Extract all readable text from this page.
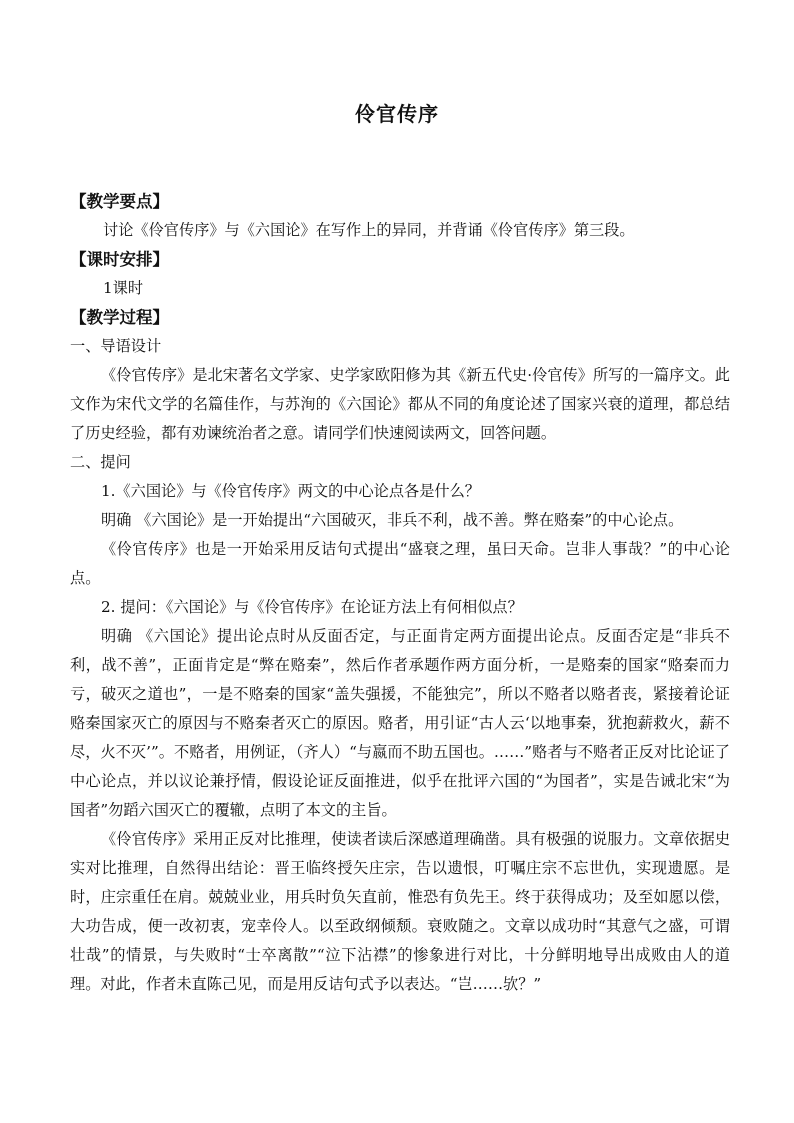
伶官传序

【教学要点】

讨论《伶官传序》与《六国论》在写作上的异同，并背诵《伶官传序》第三段。

【课时安排】

1课时

【教学过程】

一、导语设计

《伶官传序》是北宋著名文学家、史学家欧阳修为其《新五代史·伶官传》所写的一篇序文。此文作为宋代文学的名篇佳作，与苏洵的《六国论》都从不同的角度论述了国家兴衰的道理，都总结了历史经验，都有劝谏统治者之意。请同学们快速阅读两文，回答问题。

二、提问

1.《六国论》与《伶官传序》两文的中心论点各是什么？

明确 《六国论》是一开始提出“六国破灭，非兵不利，战不善。弊在赂秦”的中心论点。

《伶官传序》也是一开始采用反诘句式提出“盛衰之理，虽曰天命。岂非人事哉？”的中心论点。

2. 提问：《六国论》与《伶官传序》在论证方法上有何相似点？

明确 《六国论》提出论点时从反面否定，与正面肯定两方面提出论点。反面否定是“非兵不利，战不善”，正面肯定是“弊在赂秦”，然后作者承题作两方面分析，一是赂秦的国家“赂秦而力亏，破灭之道也”，一是不赂秦的国家“盖失强援，不能独完”，所以不赂者以赂者丧，紧接着论证赂秦国家灭亡的原因与不赂秦者灭亡的原因。赂者，用引证“古人云‘以地事秦，犹抱薪救火，薪不尽，火不灭’”。不赂者，用例证，（齐人）“与嬴而不助五国也。……”赂者与不赂者正反对比论证了中心论点，并以议论兼抒情，假设论证反面推进，似乎在批评六国的“为国者”，实是告诫北宋“为国者”勿蹈六国灭亡的覆辙，点明了本文的主旨。

《伶官传序》采用正反对比推理，使读者读后深感道理确凿。具有极强的说服力。文章依据史实对比推理，自然得出结论：晋王临终授矢庄宗，告以遗恨，叮嘱庄宗不忘世仇，实现遗愿。是时，庄宗重任在肩。兢兢业业，用兵时负矢直前，惟恐有负先王。终于获得成功；及至如愿以偿，大功告成，便一改初衷，宠幸伶人。以至政纲倾颓。衰败随之。文章以成功时“其意气之盛，可谓壮哉”的情景，与失败时“士卒离散”“泣下沾襟”的惨象进行对比，十分鲜明地导出成败由人的道理。对此，作者未直陈己见，而是用反诘句式予以表达。“岂……欤？”
